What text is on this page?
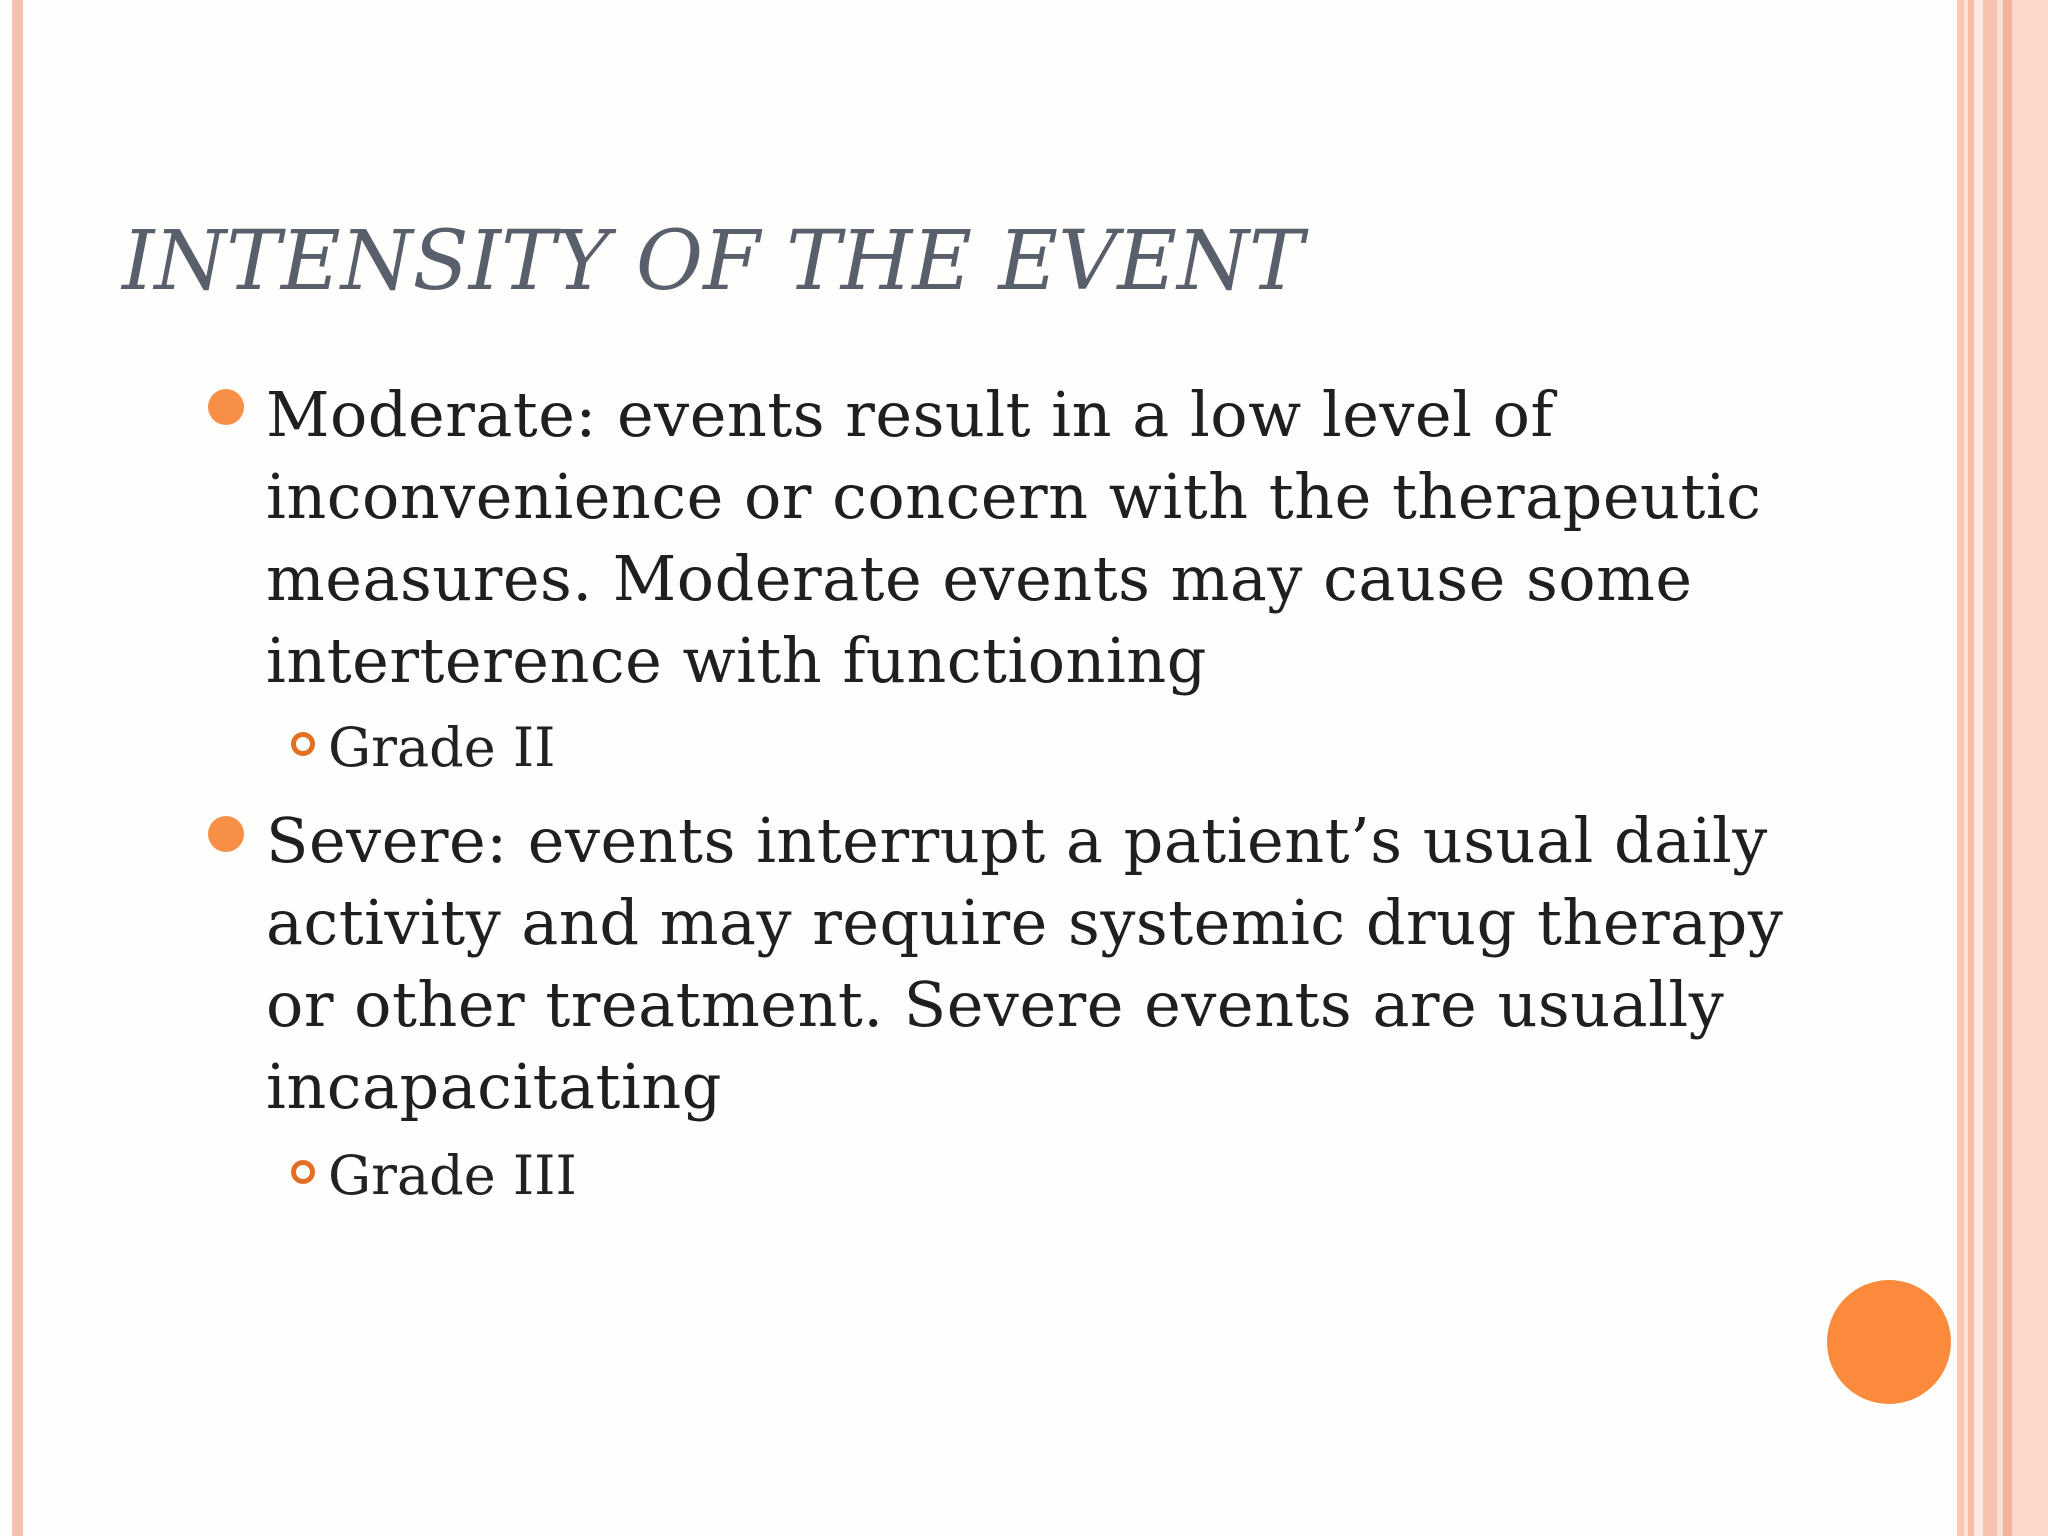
INTENSITY OF THE EVENT
Moderate: events result in a low level of inconvenience or concern with the therapeutic measures. Moderate events may cause some interterence with functioning
Grade II
Severe: events interrupt a patient’s usual daily activity and may require systemic drug therapy or other treatment. Severe events are usually incapacitating
Grade III
